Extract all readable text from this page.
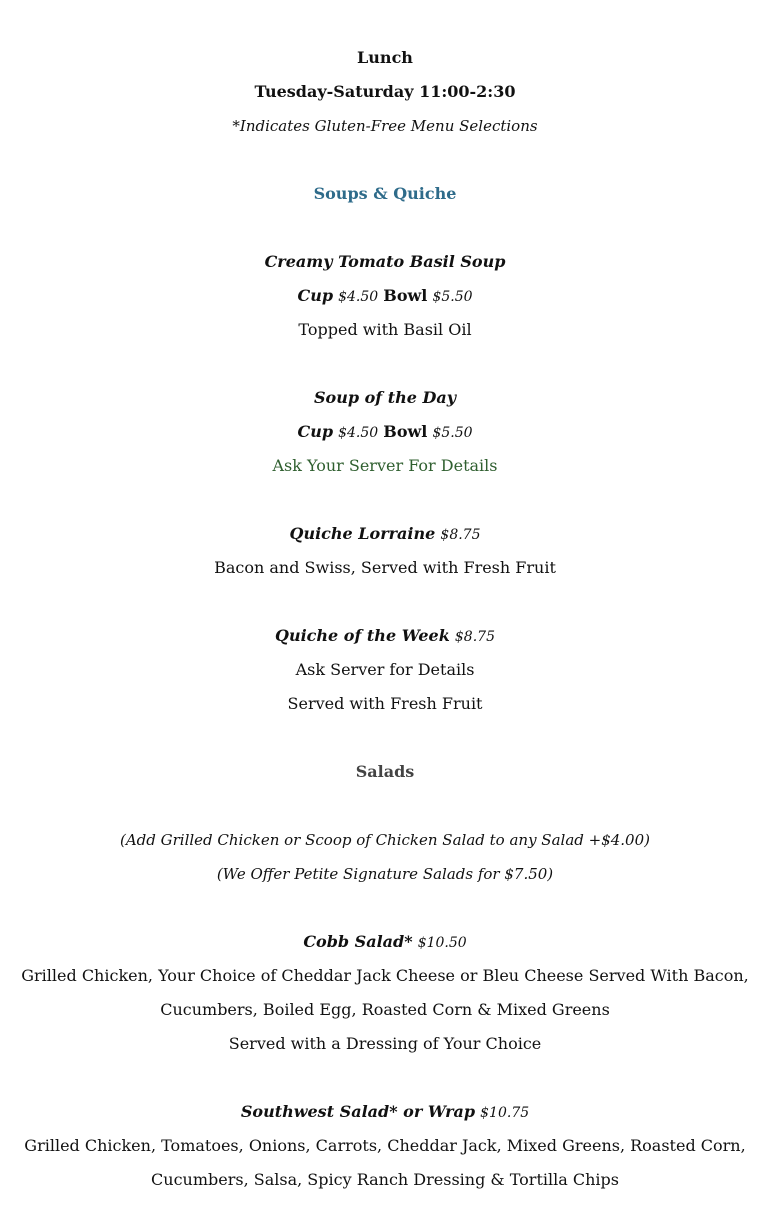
Lunch
Tuesday-Saturday 11:00-2:30
*Indicates Gluten-Free Menu Selections
Soups & Quiche
Creamy Tomato Basil Soup
Cup $4.50 Bowl $5.50
Topped with Basil Oil
Soup of the Day
Cup $4.50 Bowl $5.50
Ask Your Server For Details
Quiche Lorraine $8.75
Bacon and Swiss, Served with Fresh Fruit
Quiche of the Week $8.75
Ask Server for Details
Served with Fresh Fruit
Salads
(Add Grilled Chicken or Scoop of Chicken Salad to any Salad +$4.00)
(We Offer Petite Signature Salads for $7.50)
Cobb Salad* $10.50
Grilled Chicken, Your Choice of Cheddar Jack Cheese or Bleu Cheese Served With Bacon,
Cucumbers, Boiled Egg, Roasted Corn & Mixed Greens
Served with a Dressing of Your Choice
Southwest Salad* or Wrap $10.75
Grilled Chicken, Tomatoes, Onions, Carrots, Cheddar Jack, Mixed Greens, Roasted Corn,
Cucumbers, Salsa, Spicy Ranch Dressing & Tortilla Chips
